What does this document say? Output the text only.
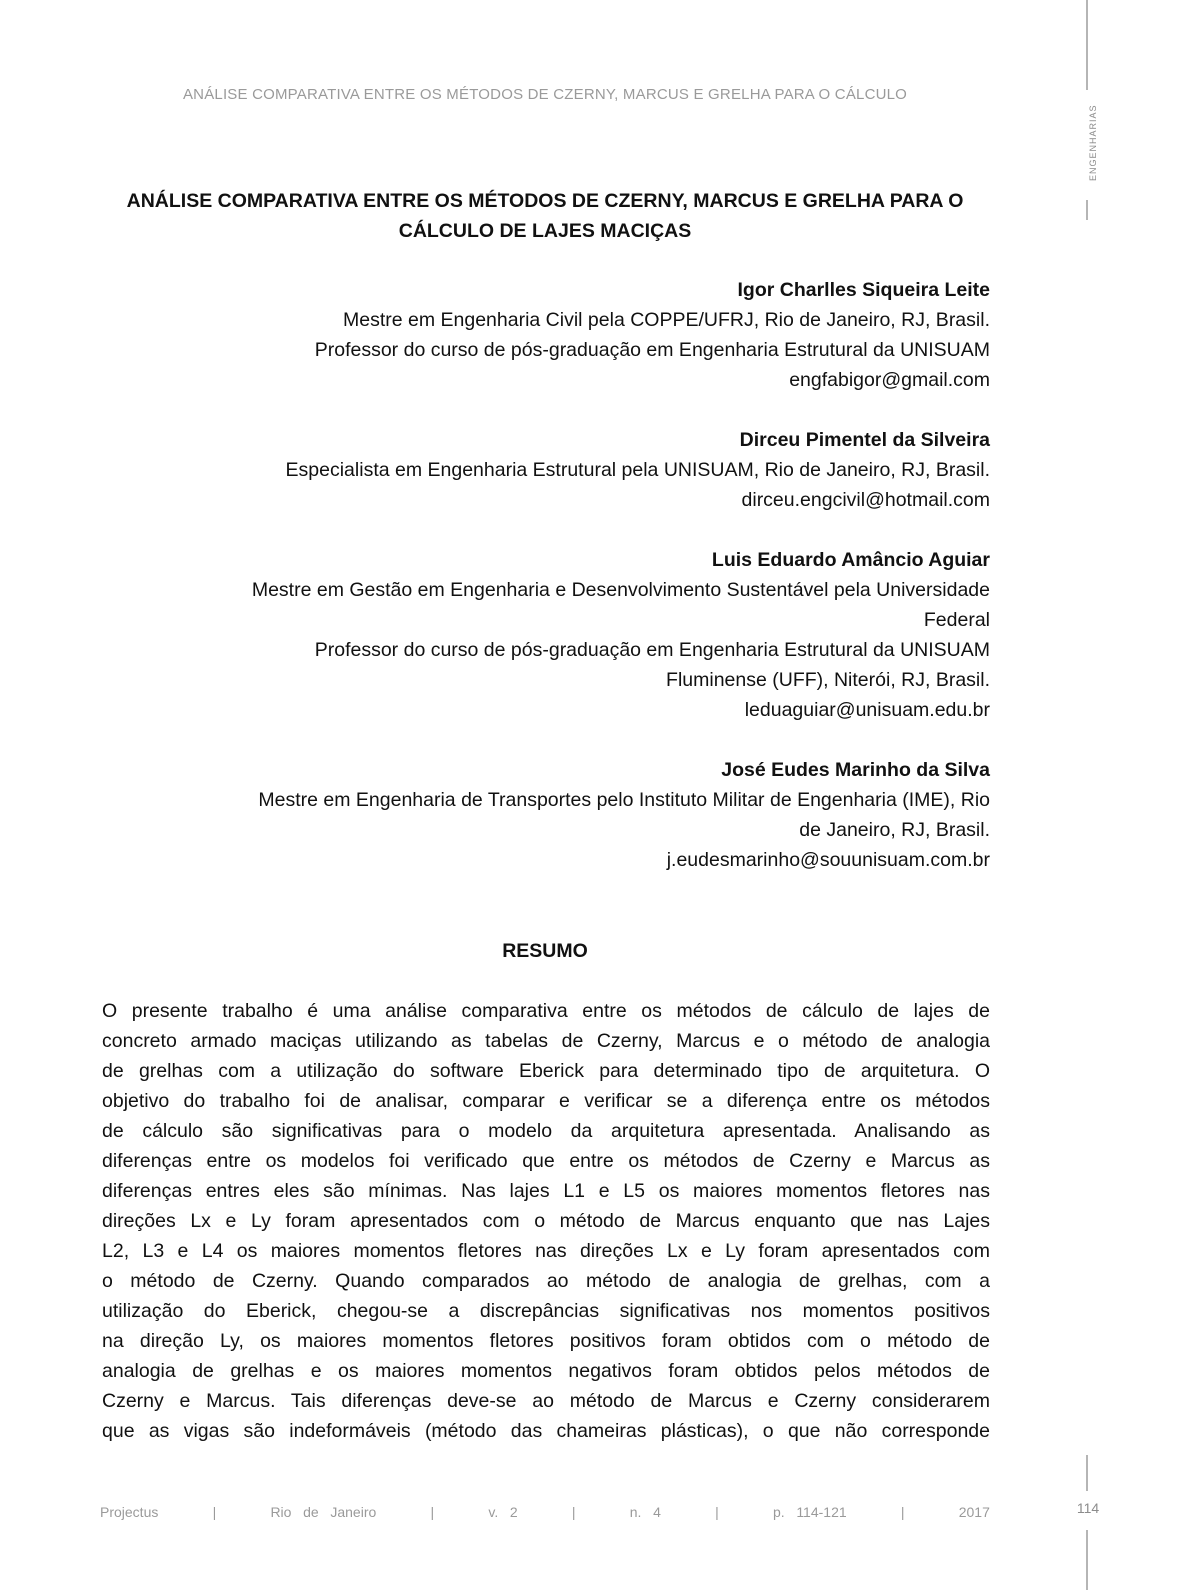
ENGENHARIAS
ANÁLISE COMPARATIVA ENTRE OS MÉTODOS DE CZERNY, MARCUS E GRELHA PARA O CÁLCULO
ANÁLISE COMPARATIVA ENTRE OS MÉTODOS DE CZERNY, MARCUS E GRELHA PARA O
CÁLCULO DE LAJES MACIÇAS
Igor Charlles Siqueira Leite
Mestre em Engenharia Civil pela COPPE/UFRJ, Rio de Janeiro, RJ, Brasil.
Professor do curso de pós-graduação em Engenharia Estrutural da UNISUAM
engfabigor@gmail.com
Dirceu Pimentel da Silveira
Especialista em Engenharia Estrutural pela UNISUAM, Rio de Janeiro, RJ, Brasil.
dirceu.engcivil@hotmail.com
Luis Eduardo Amâncio Aguiar
Mestre em Gestão em Engenharia e Desenvolvimento Sustentável pela Universidade
Federal
Professor do curso de pós-graduação em Engenharia Estrutural da UNISUAM
Fluminense (UFF), Niterói, RJ, Brasil.
leduaguiar@unisuam.edu.br
José Eudes Marinho da Silva
Mestre em Engenharia de Transportes pelo Instituto Militar de Engenharia (IME), Rio
de Janeiro, RJ, Brasil.
j.eudesmarinho@souunisuam.com.br
RESUMO
O presente trabalho é uma análise comparativa entre os métodos de cálculo de lajes de
concreto armado maciças utilizando as tabelas de Czerny, Marcus e o método de analogia
de grelhas com a utilização do software Eberick para determinado tipo de arquitetura. O
objetivo do trabalho foi de analisar, comparar e verificar se a diferença entre os métodos
de cálculo são significativas para o modelo da arquitetura apresentada. Analisando as
diferenças entre os modelos foi verificado que entre os métodos de Czerny e Marcus as
diferenças entres eles são mínimas. Nas lajes L1 e L5 os maiores momentos fletores nas
direções Lx e Ly foram apresentados com o método de Marcus enquanto que nas Lajes
L2, L3 e L4 os maiores momentos fletores nas direções Lx e Ly foram apresentados com
o método de Czerny. Quando comparados ao método de analogia de grelhas, com a
utilização do Eberick, chegou-se a discrepâncias significativas nos momentos positivos
na direção Ly, os maiores momentos fletores positivos foram obtidos com o método de
analogia de grelhas e os maiores momentos negativos foram obtidos pelos métodos de
Czerny e Marcus. Tais diferenças deve-se ao método de Marcus e Czerny considerarem
que as vigas são indeformáveis (método das chameiras plásticas), o que não corresponde
Projectus	|	Rio   de   Janeiro	|	v.   2	|	n.   4	|	p.   114-121	|	2017	114
